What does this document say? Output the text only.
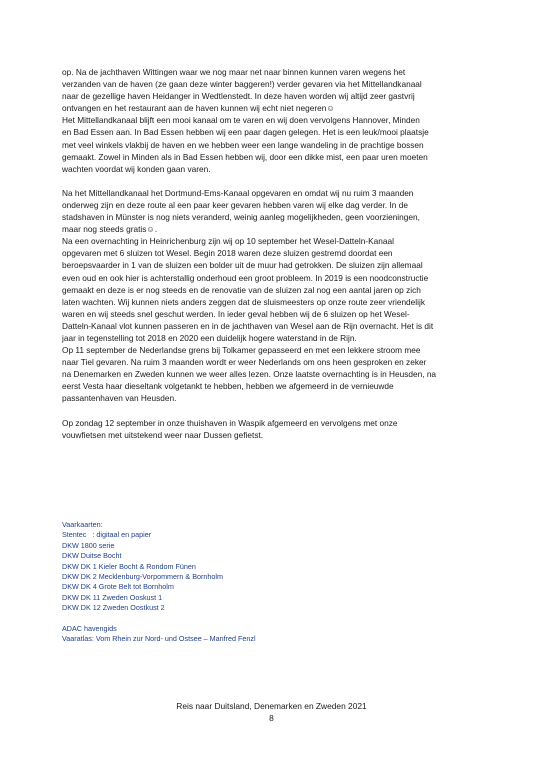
op. Na de jachthaven Wittingen waar we nog maar net naar binnen kunnen varen wegens het
verzanden van de haven (ze gaan deze winter baggeren!) verder gevaren via het Mittellandkanaal
naar de gezellige haven Heidanger in Wedtlenstedt. In deze haven worden wij altijd zeer gastvrij
ontvangen en het restaurant aan de haven kunnen wij echt niet negeren☺
Het Mittellandkanaal blijft een mooi kanaal om te varen en wij doen vervolgens Hannover, Minden
en Bad Essen aan. In Bad Essen hebben wij een paar dagen gelegen. Het is een leuk/mooi plaatsje
met veel winkels vlakbij de haven en we hebben weer een lange wandeling in de prachtige bossen
gemaakt. Zowel in Minden als in Bad Essen hebben wij, door een dikke mist, een paar uren moeten
wachten voordat wij konden gaan varen.

Na het Mittellandkanaal het Dortmund-Ems-Kanaal opgevaren en omdat wij nu ruim 3 maanden
onderweg zijn en deze route al een paar keer gevaren hebben varen wij elke dag verder. In de
stadshaven in Münster is nog niets veranderd, weinig aanleg mogelijkheden, geen voorzieningen,
maar nog steeds gratis☺.
Na een overnachting in Heinrichenburg zijn wij op 10 september het Wesel-Datteln-Kanaal
opgevaren met 6 sluizen tot Wesel. Begin 2018 waren deze sluizen gestremd doordat een
beroepsvaarder in 1 van de sluizen een bolder uit de muur had getrokken. De sluizen zijn allemaal
even oud en ook hier is achterstallig onderhoud een groot probleem. In 2019 is een noodconstructie
gemaakt en deze is er nog steeds en de renovatie van de sluizen zal nog een aantal jaren op zich
laten wachten. Wij kunnen niets anders zeggen dat de sluismeesters op onze route zeer vriendelijk
waren en wij steeds snel geschut werden. In ieder geval hebben wij de 6 sluizen op het Wesel-
Datteln-Kanaal vlot kunnen passeren en in de jachthaven van Wesel aan de Rijn overnacht. Het is dit
jaar in tegenstelling tot 2018 en 2020 een duidelijk hogere waterstand in de Rijn.
Op 11 september de Nederlandse grens bij Tolkamer gepasseerd en met een lekkere stroom mee
naar Tiel gevaren. Na ruim 3 maanden wordt er weer Nederlands om ons heen gesproken en zeker
na Denemarken en Zweden kunnen we weer alles lezen. Onze laatste overnachting is in Heusden, na
eerst Vesta haar dieseltank volgetankt te hebben, hebben we afgemeerd in de vernieuwde
passantenhaven van Heusden.

Op zondag 12 september in onze thuishaven in Waspik afgemeerd en vervolgens met onze
vouwfietsen met uitstekend weer naar Dussen gefietst.

Vaarkaarten:
Stentec   : digitaal en papier
DKW 1800 serie
DKW Duitse Bocht
DKW DK 1 Kieler Bocht & Rondom Fünen
DKW DK 2 Mecklenburg-Vorpommern & Bornholm
DKW DK 4 Grote Belt tot Bornholm
DKW DK 11 Zweden Ooskust 1
DKW DK 12 Zweden Oostkust 2
ADAC havengids
Vaaratlas: Vom Rhein zur Nord- und Ostsee – Manfred Fenzl
Reis naar Duitsland, Denemarken en Zweden 2021
8
